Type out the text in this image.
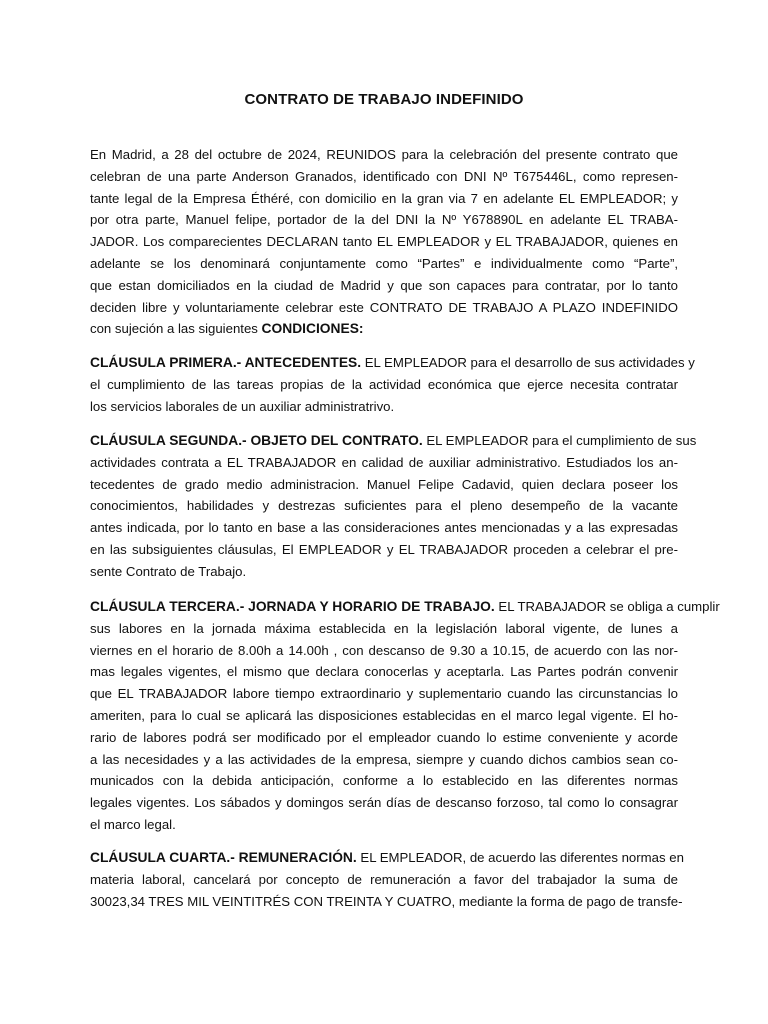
CONTRATO DE TRABAJO INDEFINIDO
En Madrid, a 28 del octubre de 2024, REUNIDOS para la celebración del presente contrato que
celebran de una parte Anderson Granados, identificado con DNI Nº T675446L, como represen-
tante legal de la Empresa Éthéré, con domicilio en la gran via 7 en adelante EL EMPLEADOR; y
por otra parte, Manuel felipe, portador de la del DNI la Nº Y678890L en adelante EL TRABA-
JADOR. Los comparecientes DECLARAN tanto EL EMPLEADOR y EL TRABAJADOR, quienes en
adelante se los denominará conjuntamente como “Partes” e individualmente como “Parte”,
que estan domiciliados en la ciudad de Madrid y que son capaces para contratar, por lo tanto
deciden libre y voluntariamente celebrar este CONTRATO DE TRABAJO A PLAZO INDEFINIDO
con sujeción a las siguientes CONDICIONES:
CLÁUSULA PRIMERA.- ANTECEDENTES. EL EMPLEADOR para el desarrollo de sus actividades y
el cumplimiento de las tareas propias de la actividad económica que ejerce necesita contratar
los servicios laborales de un auxiliar administratrivo.
CLÁUSULA SEGUNDA.- OBJETO DEL CONTRATO. EL EMPLEADOR para el cumplimiento de sus
actividades contrata a EL TRABAJADOR en calidad de auxiliar administrativo. Estudiados los an-
tecedentes de grado medio administracion. Manuel Felipe Cadavid, quien declara poseer los
conocimientos, habilidades y destrezas suficientes para el pleno desempeño de la vacante
antes indicada, por lo tanto en base a las consideraciones antes mencionadas y a las expresadas
en las subsiguientes cláusulas, El EMPLEADOR y EL TRABAJADOR proceden a celebrar el pre-
sente Contrato de Trabajo.
CLÁUSULA TERCERA.- JORNADA Y HORARIO DE TRABAJO. EL TRABAJADOR se obliga a cumplir
sus labores en la jornada máxima establecida en la legislación laboral vigente, de lunes a
viernes en el horario de 8.00h a 14.00h , con descanso de 9.30 a 10.15, de acuerdo con las nor-
mas legales vigentes, el mismo que declara conocerlas y aceptarla. Las Partes podrán convenir
que EL TRABAJADOR labore tiempo extraordinario y suplementario cuando las circunstancias lo
ameriten, para lo cual se aplicará las disposiciones establecidas en el marco legal vigente. El ho-
rario de labores podrá ser modificado por el empleador cuando lo estime conveniente y acorde
a las necesidades y a las actividades de la empresa, siempre y cuando dichos cambios sean co-
municados con la debida anticipación, conforme a lo establecido en las diferentes normas
legales vigentes. Los sábados y domingos serán días de descanso forzoso, tal como lo consagrar
el marco legal.
CLÁUSULA CUARTA.- REMUNERACIÓN. EL EMPLEADOR, de acuerdo las diferentes normas en
materia laboral, cancelará por concepto de remuneración a favor del trabajador la suma de
30023,34 TRES MIL VEINTITRÉS CON TREINTA Y CUATRO, mediante la forma de pago de transfe-
